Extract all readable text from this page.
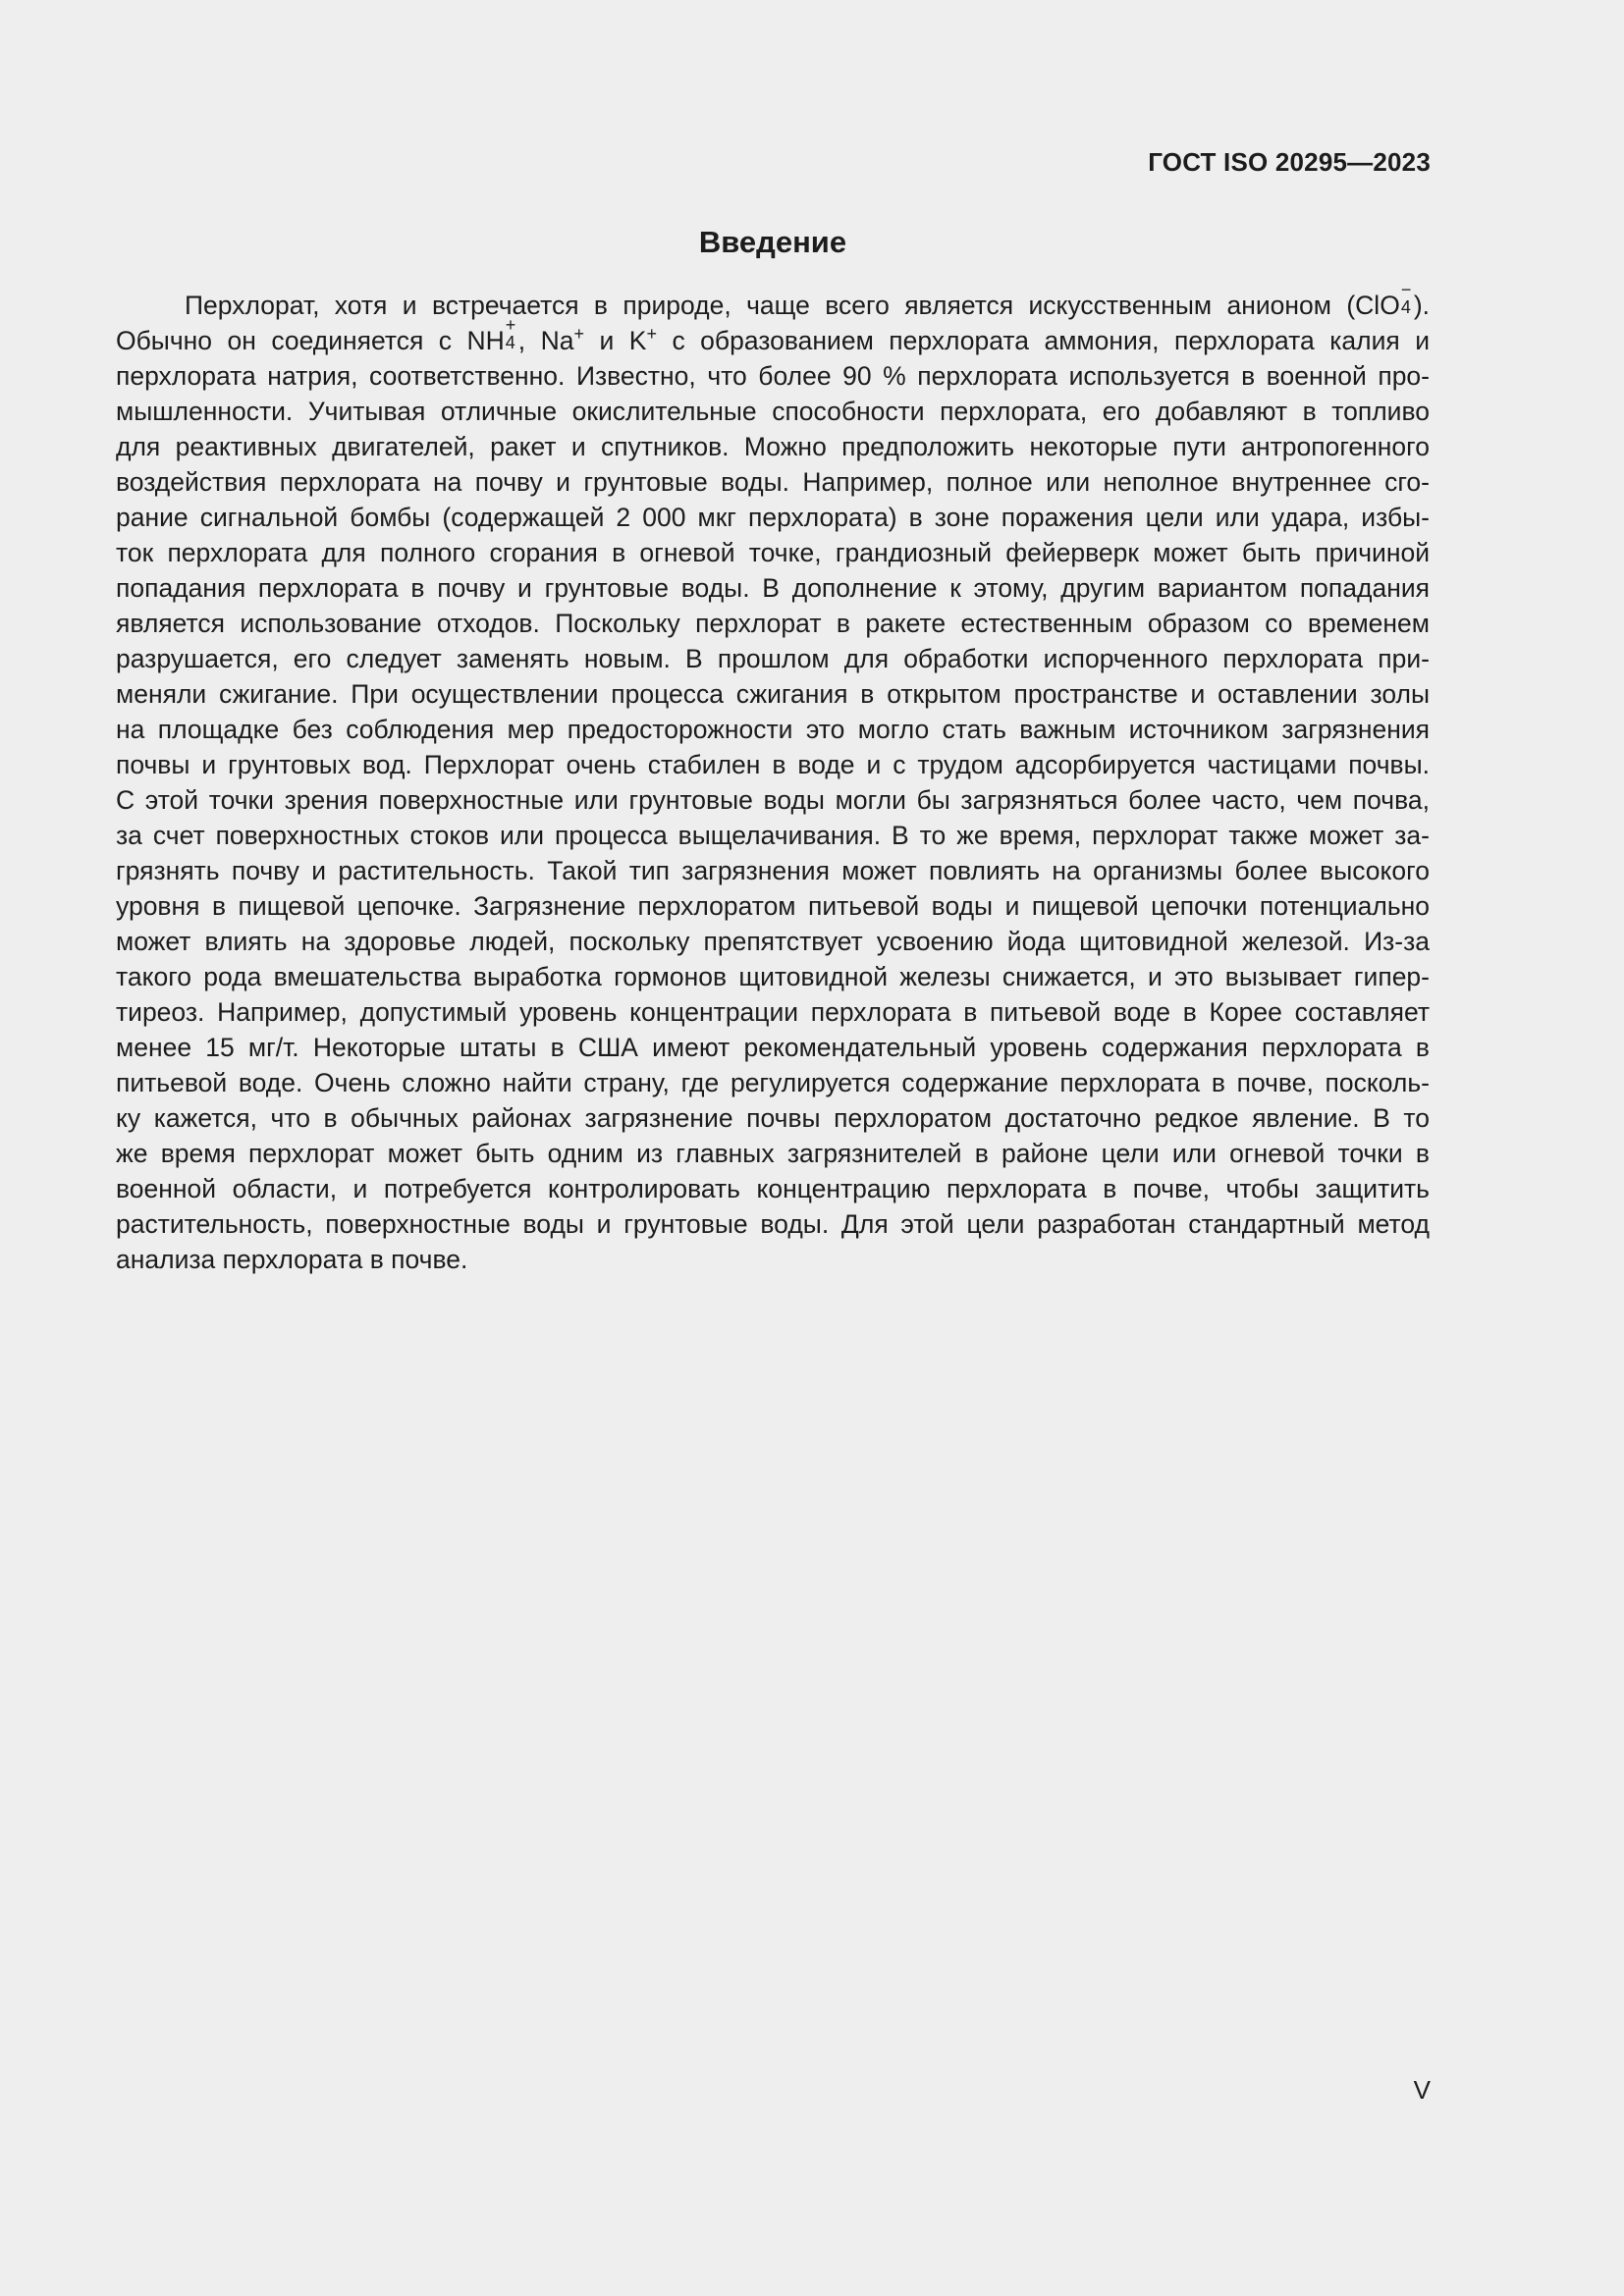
ГОСТ ISO 20295—2023
Введение
Перхлорат, хотя и встречается в природе, чаще всего является искусственным анионом (ClO
−
4 ).
Обычно он соединяется с NH
+
4 , Na+ и K+ с образованием перхлората аммония, перхлората калия и
перхлората натрия, соответственно. Известно, что более 90 % перхлората используется в военной про-
мышленности. Учитывая отличные окислительные способности перхлората, его добавляют в топливо
для реактивных двигателей, ракет и спутников. Можно предположить некоторые пути антропогенного
воздействия перхлората на почву и грунтовые воды. Например, полное или неполное внутреннее сго-
рание сигнальной бомбы (содержащей 2 000 мкг перхлората) в зоне поражения цели или удара, избы-
ток перхлората для полного сгорания в огневой точке, грандиозный фейерверк может быть причиной
попадания перхлората в почву и грунтовые воды. В дополнение к этому, другим вариантом попадания
является использование отходов. Поскольку перхлорат в ракете естественным образом со временем
разрушается, его следует заменять новым. В прошлом для обработки испорченного перхлората при-
меняли сжигание. При осуществлении процесса сжигания в открытом пространстве и оставлении золы
на площадке без соблюдения мер предосторожности это могло стать важным источником загрязнения
почвы и грунтовых вод. Перхлорат очень стабилен в воде и с трудом адсорбируется частицами почвы.
С этой точки зрения поверхностные или грунтовые воды могли бы загрязняться более часто, чем почва,
за счет поверхностных стоков или процесса выщелачивания. В то же время, перхлорат также может за-
грязнять почву и растительность. Такой тип загрязнения может повлиять на организмы более высокого
уровня в пищевой цепочке. Загрязнение перхлоратом питьевой воды и пищевой цепочки потенциально
может влиять на здоровье людей, поскольку препятствует усвоению йода щитовидной железой. Из-за
такого рода вмешательства выработка гормонов щитовидной железы снижается, и это вызывает гипер-
тиреоз. Например, допустимый уровень концентрации перхлората в питьевой воде в Корее составляет
менее 15 мг/т. Некоторые штаты в США имеют рекомендательный уровень содержания перхлората в
питьевой воде. Очень сложно найти страну, где регулируется содержание перхлората в почве, посколь-
ку кажется, что в обычных районах загрязнение почвы перхлоратом достаточно редкое явление. В то
же время перхлорат может быть одним из главных загрязнителей в районе цели или огневой точки в
военной области, и потребуется контролировать концентрацию перхлората в почве, чтобы защитить
растительность, поверхностные воды и грунтовые воды. Для этой цели разработан стандартный метод
анализа перхлората в почве.
V
